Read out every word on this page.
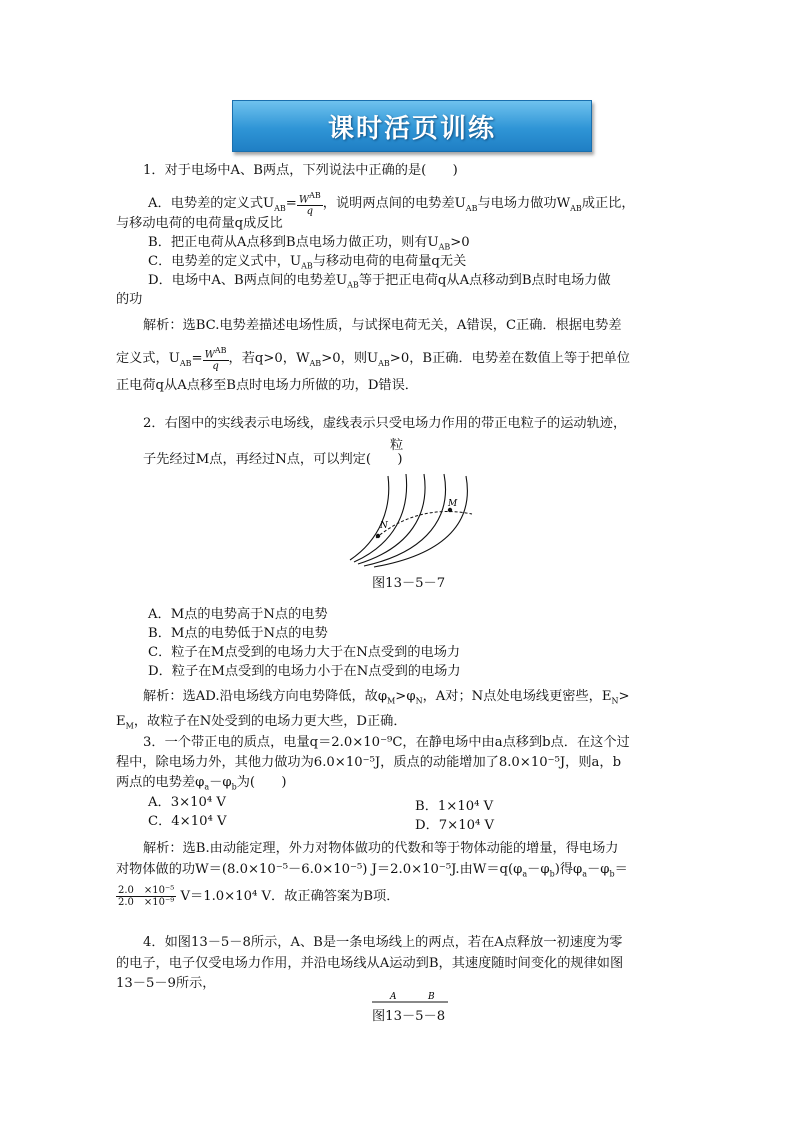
课时活页训练
1．对于电场中A、B两点，下列说法中正确的是(　　)
A．电势差的定义式$U_{AB}= \frac{W^{AB}}{q}$ ，说明两点间的电势差$U_{AB}$与电场力做功$W_{AB}$成正比，
与移动电荷的电荷量q成反比
B．把正电荷从A点移到B点电场力做正功，则有$U_{AB}>0$
C．电势差的定义式中，$U_{AB}$与移动电荷的电荷量q无关
D．电场中A、B两点间的电势差$U_{AB}$等于把正电荷q从A点移动到B点时电场力做
的功
解析：选BC.电势差描述电场性质，与试探电荷无关，A错误，C正确．根据电势差
定义式，$U_{AB}= \frac{W^{AB}}{q}$ ，若q>0，$W_{AB}>0$，则$U_{AB}>0$，B正确．电势差在数值上等于把单位
正电荷q从A点移至B点时电场力所做的功，D错误．
2．右图中的实线表示电场线，虚线表示只受电场力作用的带正电粒子的运动轨迹，
粒
子先经过M点，再经过N点，可以判定(　　)
N
M
图13－5－7
A．M点的电势高于N点的电势
B．M点的电势低于N点的电势
C．粒子在M点受到的电场力大于在N点受到的电场力
D．粒子在M点受到的电场力小于在N点受到的电场力
解析：选AD.沿电场线方向电势降低，故$\varphi_M>\varphi_N$，A对；N点处电场线更密些，$E_N>$
$E_M$，故粒子在N处受到的电场力更大些，D正确．
3．一个带正电的质点，电量q＝2.0×10⁻⁹C，在静电场中由a点移到b点．在这个过
程中，除电场力外，其他力做功为6.0×10⁻⁵J，质点的动能增加了8.0×10⁻⁵J，则a，b
两点的电势差$\varphi_a-\varphi_b$为(　　)
A．3×10⁴ V	B．1×10⁴ V
C．4×10⁴ V	D．7×10⁴ V
解析：选B.由动能定理，外力对物体做功的代数和等于物体动能的增量，得电场力
对物体做的功W＝(8.0×10⁻⁵－6.0×10⁻⁵) J＝2.0×10⁻⁵J.由$W=q(\varphi_a-\varphi_b)$得$\varphi_a-\varphi_b=$
$\frac{\text{2.0　×10⁻⁵}}{\text{2.0　×10⁻⁹}} V=1.0\times 10^4$ V．故正确答案为B项．
4．如图13－5－8所示，A、B是一条电场线上的两点，若在A点释放一初速度为零
的电子，电子仅受电场力作用，并沿电场线从A运动到B，其速度随时间变化的规律如图
13－5－9所示，
A	B
图13－5－8
